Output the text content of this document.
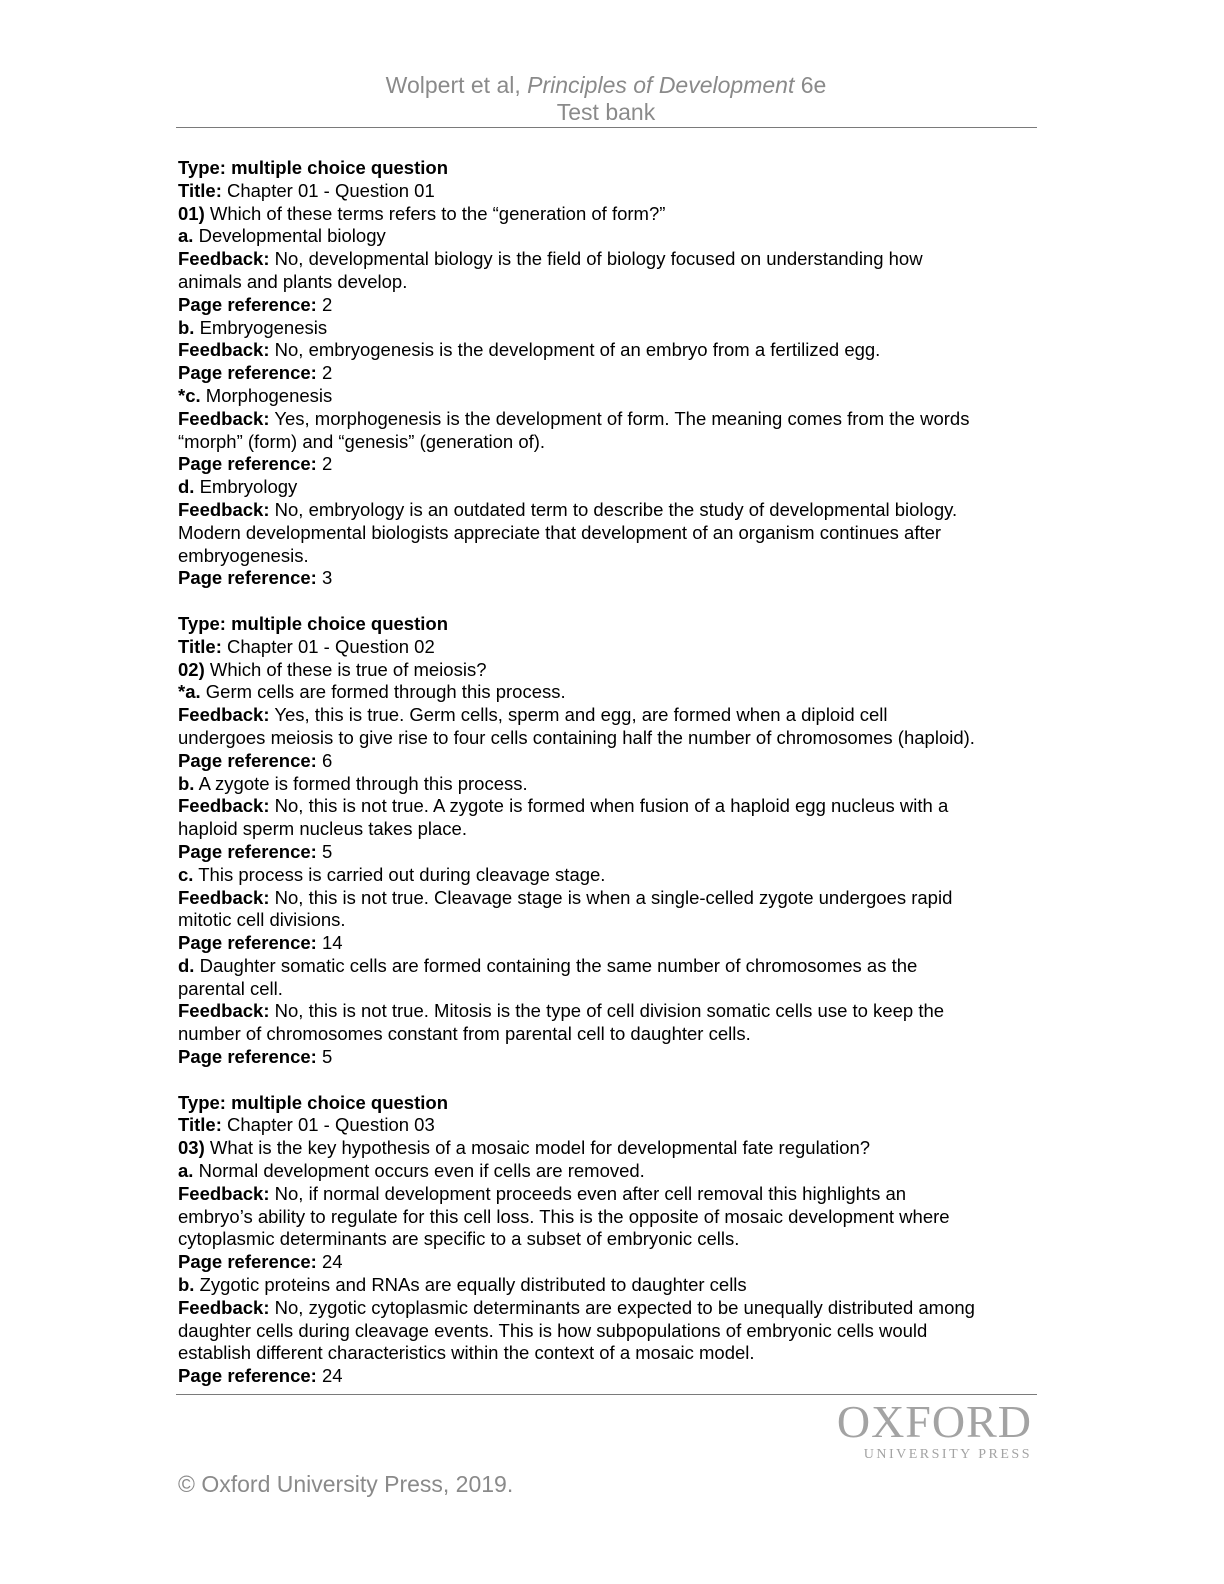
Wolpert et al, Principles of Development 6e
Test bank

Type: multiple choice question

Title: Chapter 01 - Question 01

01) Which of these terms refers to the “generation of form?”

a. Developmental biology

Feedback: No, developmental biology is the field of biology focused on understanding how

animals and plants develop.

Page reference: 2

b. Embryogenesis

Feedback: No, embryogenesis is the development of an embryo from a fertilized egg.

Page reference: 2

*c. Morphogenesis

Feedback: Yes, morphogenesis is the development of form. The meaning comes from the words

“morph” (form) and “genesis” (generation of).

Page reference: 2

d. Embryology

Feedback: No, embryology is an outdated term to describe the study of developmental biology.

Modern developmental biologists appreciate that development of an organism continues after

embryogenesis.

Page reference: 3

Type: multiple choice question

Title: Chapter 01 - Question 02

02) Which of these is true of meiosis?

*a. Germ cells are formed through this process.

Feedback: Yes, this is true. Germ cells, sperm and egg, are formed when a diploid cell

undergoes meiosis to give rise to four cells containing half the number of chromosomes (haploid).

Page reference: 6

b. A zygote is formed through this process.

Feedback: No, this is not true. A zygote is formed when fusion of a haploid egg nucleus with a

haploid sperm nucleus takes place.

Page reference: 5

c. This process is carried out during cleavage stage.

Feedback: No, this is not true. Cleavage stage is when a single-celled zygote undergoes rapid

mitotic cell divisions.

Page reference: 14

d. Daughter somatic cells are formed containing the same number of chromosomes as the

parental cell.

Feedback: No, this is not true. Mitosis is the type of cell division somatic cells use to keep the

number of chromosomes constant from parental cell to daughter cells.

Page reference: 5

Type: multiple choice question

Title: Chapter 01 - Question 03

03) What is the key hypothesis of a mosaic model for developmental fate regulation?

a. Normal development occurs even if cells are removed.

Feedback: No, if normal development proceeds even after cell removal this highlights an

embryo’s ability to regulate for this cell loss. This is the opposite of mosaic development where

cytoplasmic determinants are specific to a subset of embryonic cells.

Page reference: 24

b. Zygotic proteins and RNAs are equally distributed to daughter cells

Feedback: No, zygotic cytoplasmic determinants are expected to be unequally distributed among

daughter cells during cleavage events. This is how subpopulations of embryonic cells would

establish different characteristics within the context of a mosaic model.

Page reference: 24

OXFORD
UNIVERSITY PRESS
© Oxford University Press, 2019.
